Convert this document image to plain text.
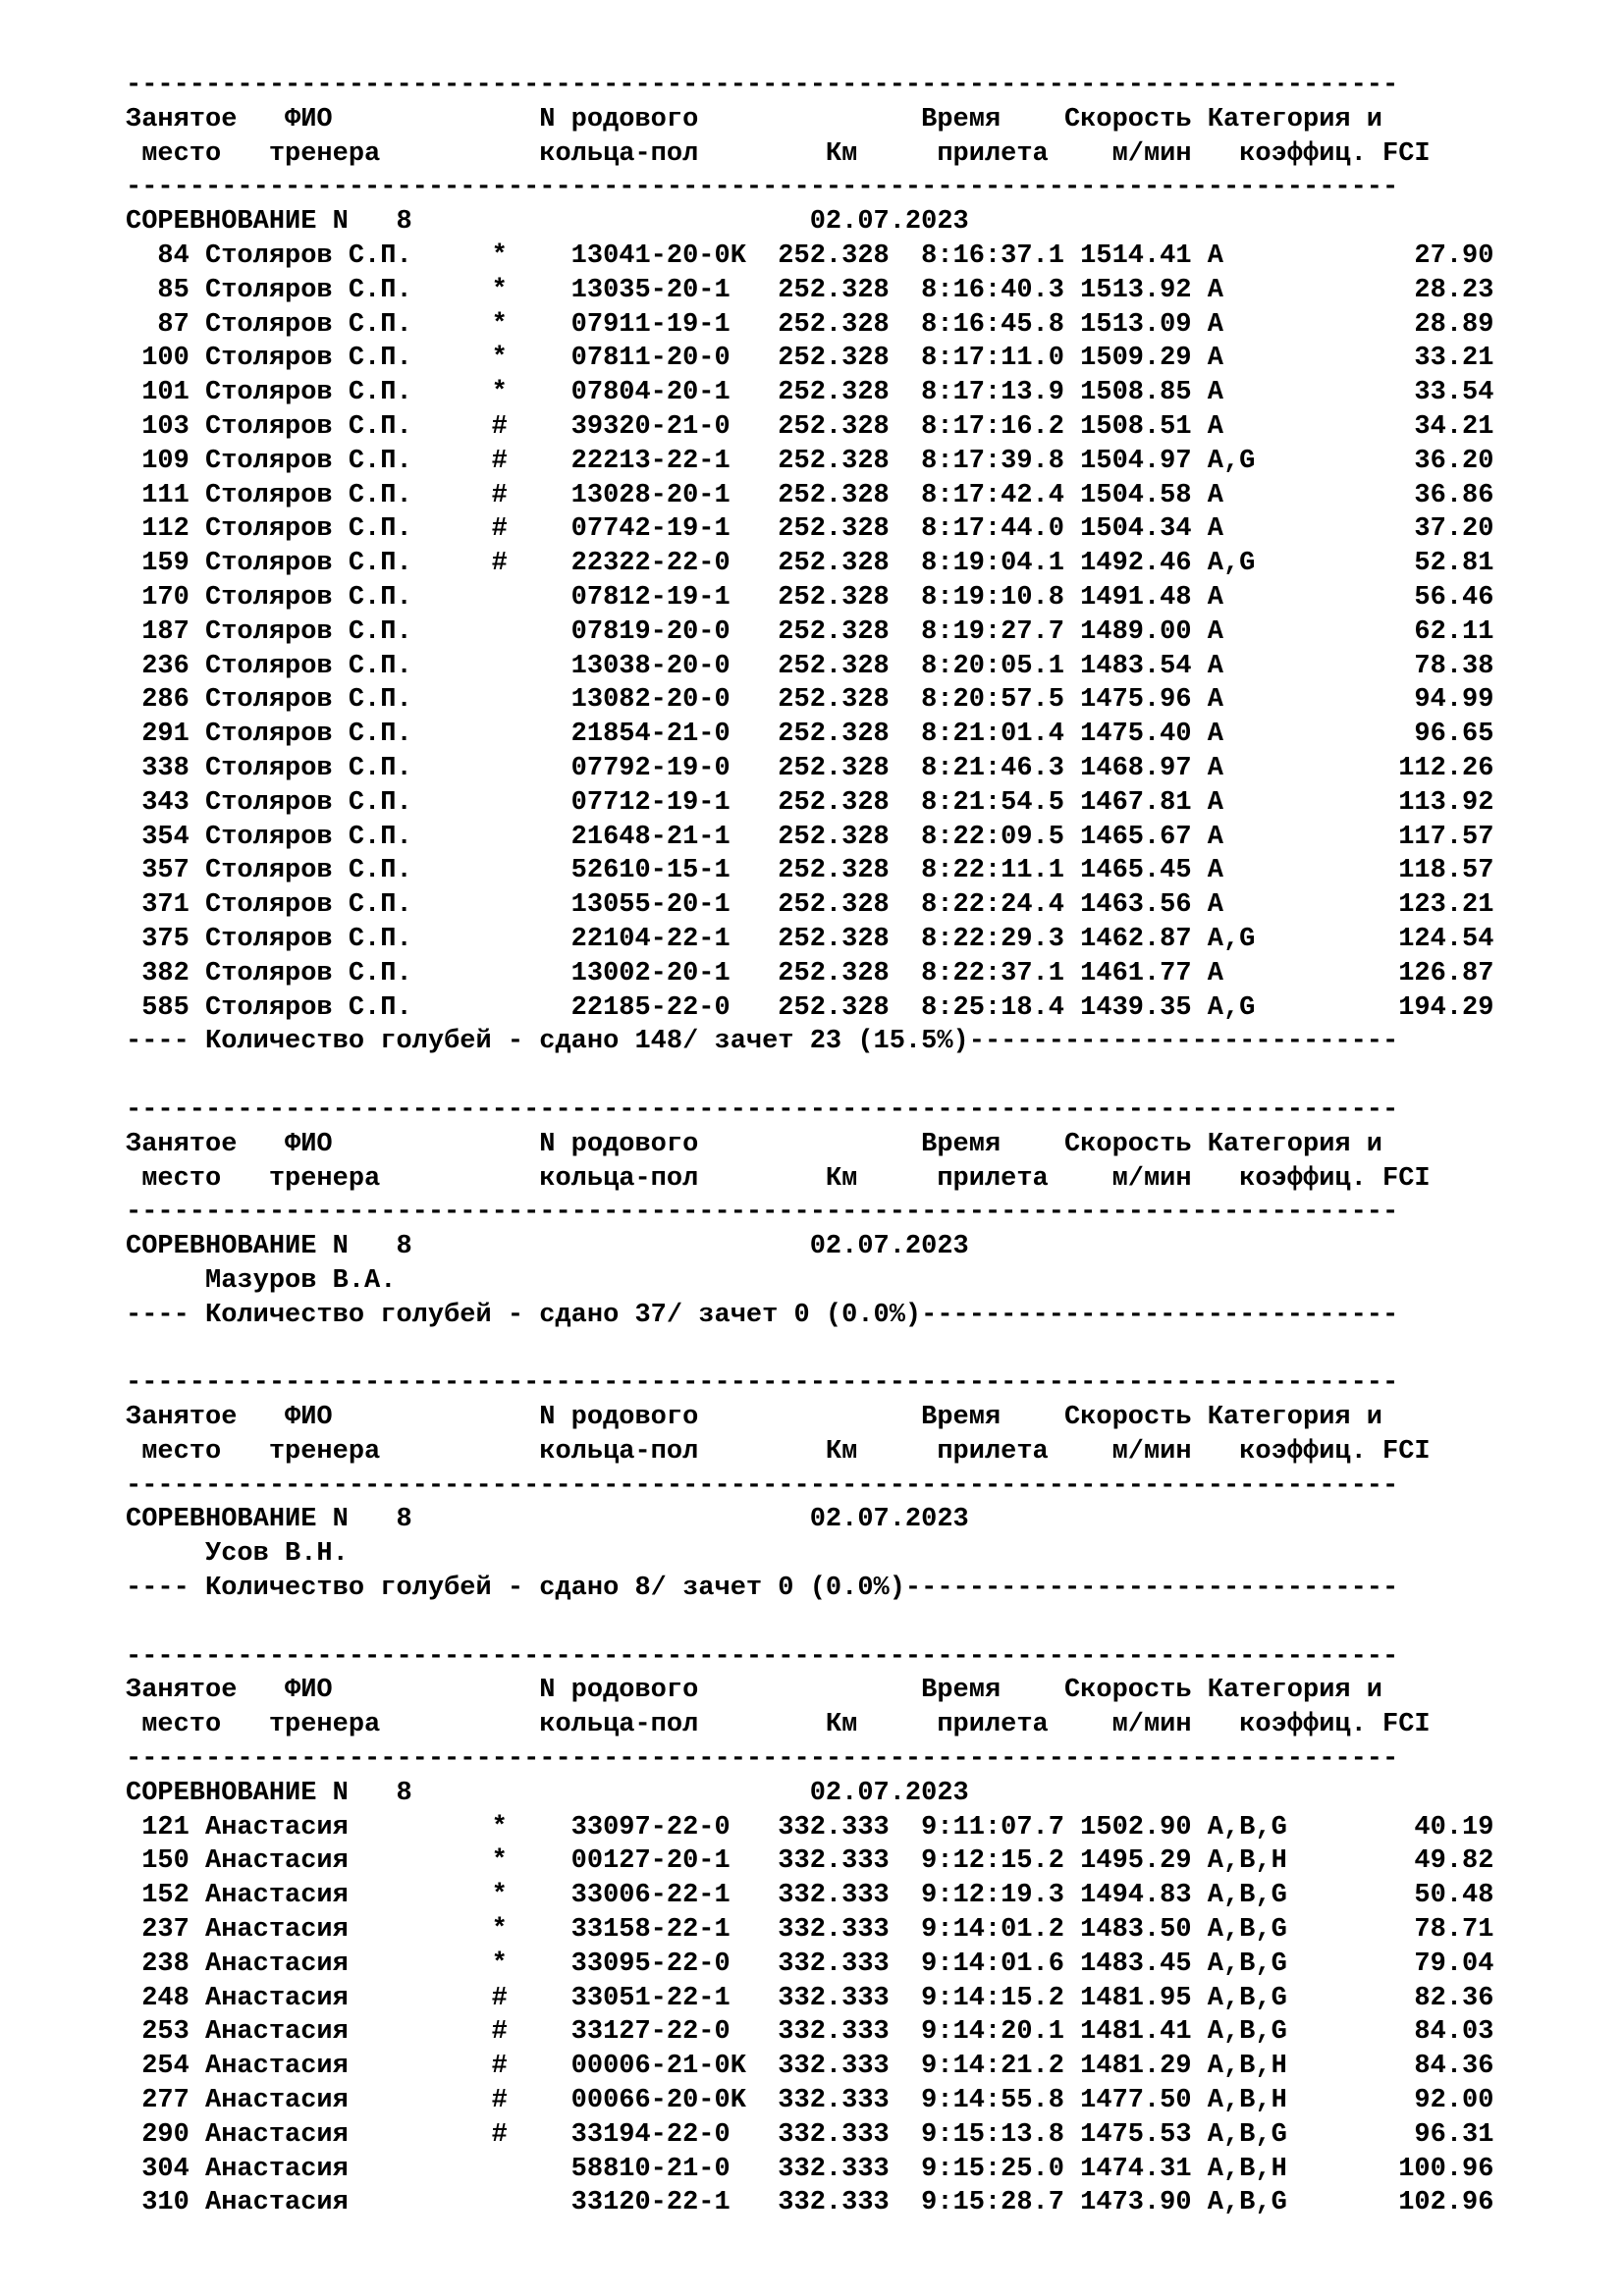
--------------------------------------------------------------------------------
Занятое   ФИО             N родового              Время    Скорость Категория и
место   тренера          кольца-пол        Км     прилета    м/мин   коэффиц. FCI
--------------------------------------------------------------------------------
СОРЕВНОВАНИЕ N   8                         02.07.2023
84 Столяров С.П.     *    13041-20-0K  252.328  8:16:37.1 1514.41 A            27.90
85 Столяров С.П.     *    13035-20-1   252.328  8:16:40.3 1513.92 A            28.23
87 Столяров С.П.     *    07911-19-1   252.328  8:16:45.8 1513.09 A            28.89
100 Столяров С.П.     *    07811-20-0   252.328  8:17:11.0 1509.29 A            33.21
101 Столяров С.П.     *    07804-20-1   252.328  8:17:13.9 1508.85 A            33.54
103 Столяров С.П.     #    39320-21-0   252.328  8:17:16.2 1508.51 A            34.21
109 Столяров С.П.     #    22213-22-1   252.328  8:17:39.8 1504.97 A,G          36.20
111 Столяров С.П.     #    13028-20-1   252.328  8:17:42.4 1504.58 A            36.86
112 Столяров С.П.     #    07742-19-1   252.328  8:17:44.0 1504.34 A            37.20
159 Столяров С.П.     #    22322-22-0   252.328  8:19:04.1 1492.46 A,G          52.81
170 Столяров С.П.          07812-19-1   252.328  8:19:10.8 1491.48 A            56.46
187 Столяров С.П.          07819-20-0   252.328  8:19:27.7 1489.00 A            62.11
236 Столяров С.П.          13038-20-0   252.328  8:20:05.1 1483.54 A            78.38
286 Столяров С.П.          13082-20-0   252.328  8:20:57.5 1475.96 A            94.99
291 Столяров С.П.          21854-21-0   252.328  8:21:01.4 1475.40 A            96.65
338 Столяров С.П.          07792-19-0   252.328  8:21:46.3 1468.97 A           112.26
343 Столяров С.П.          07712-19-1   252.328  8:21:54.5 1467.81 A           113.92
354 Столяров С.П.          21648-21-1   252.328  8:22:09.5 1465.67 A           117.57
357 Столяров С.П.          52610-15-1   252.328  8:22:11.1 1465.45 A           118.57
371 Столяров С.П.          13055-20-1   252.328  8:22:24.4 1463.56 A           123.21
375 Столяров С.П.          22104-22-1   252.328  8:22:29.3 1462.87 A,G         124.54
382 Столяров С.П.          13002-20-1   252.328  8:22:37.1 1461.77 A           126.87
585 Столяров С.П.          22185-22-0   252.328  8:25:18.4 1439.35 A,G         194.29
---- Количество голубей - сдано 148/ зачет 23 (15.5%)---------------------------
--------------------------------------------------------------------------------
Занятое   ФИО             N родового              Время    Скорость Категория и
место   тренера          кольца-пол        Км     прилета    м/мин   коэффиц. FCI
--------------------------------------------------------------------------------
СОРЕВНОВАНИЕ N   8                         02.07.2023
Мазуров В.А.
---- Количество голубей - сдано 37/ зачет 0 (0.0%)------------------------------
--------------------------------------------------------------------------------
Занятое   ФИО             N родового              Время    Скорость Категория и
место   тренера          кольца-пол        Км     прилета    м/мин   коэффиц. FCI
--------------------------------------------------------------------------------
СОРЕВНОВАНИЕ N   8                         02.07.2023
Усов В.Н.
---- Количество голубей - сдано 8/ зачет 0 (0.0%)-------------------------------
--------------------------------------------------------------------------------
Занятое   ФИО             N родового              Время    Скорость Категория и
место   тренера          кольца-пол        Км     прилета    м/мин   коэффиц. FCI
--------------------------------------------------------------------------------
СОРЕВНОВАНИЕ N   8                         02.07.2023
121 Анастасия         *    33097-22-0   332.333  9:11:07.7 1502.90 A,B,G        40.19
150 Анастасия         *    00127-20-1   332.333  9:12:15.2 1495.29 A,B,H        49.82
152 Анастасия         *    33006-22-1   332.333  9:12:19.3 1494.83 A,B,G        50.48
237 Анастасия         *    33158-22-1   332.333  9:14:01.2 1483.50 A,B,G        78.71
238 Анастасия         *    33095-22-0   332.333  9:14:01.6 1483.45 A,B,G        79.04
248 Анастасия         #    33051-22-1   332.333  9:14:15.2 1481.95 A,B,G        82.36
253 Анастасия         #    33127-22-0   332.333  9:14:20.1 1481.41 A,B,G        84.03
254 Анастасия         #    00006-21-0K  332.333  9:14:21.2 1481.29 A,B,H        84.36
277 Анастасия         #    00066-20-0K  332.333  9:14:55.8 1477.50 A,B,H        92.00
290 Анастасия         #    33194-22-0   332.333  9:15:13.8 1475.53 A,B,G        96.31
304 Анастасия              58810-21-0   332.333  9:15:25.0 1474.31 A,B,H       100.96
310 Анастасия              33120-22-1   332.333  9:15:28.7 1473.90 A,B,G       102.96
